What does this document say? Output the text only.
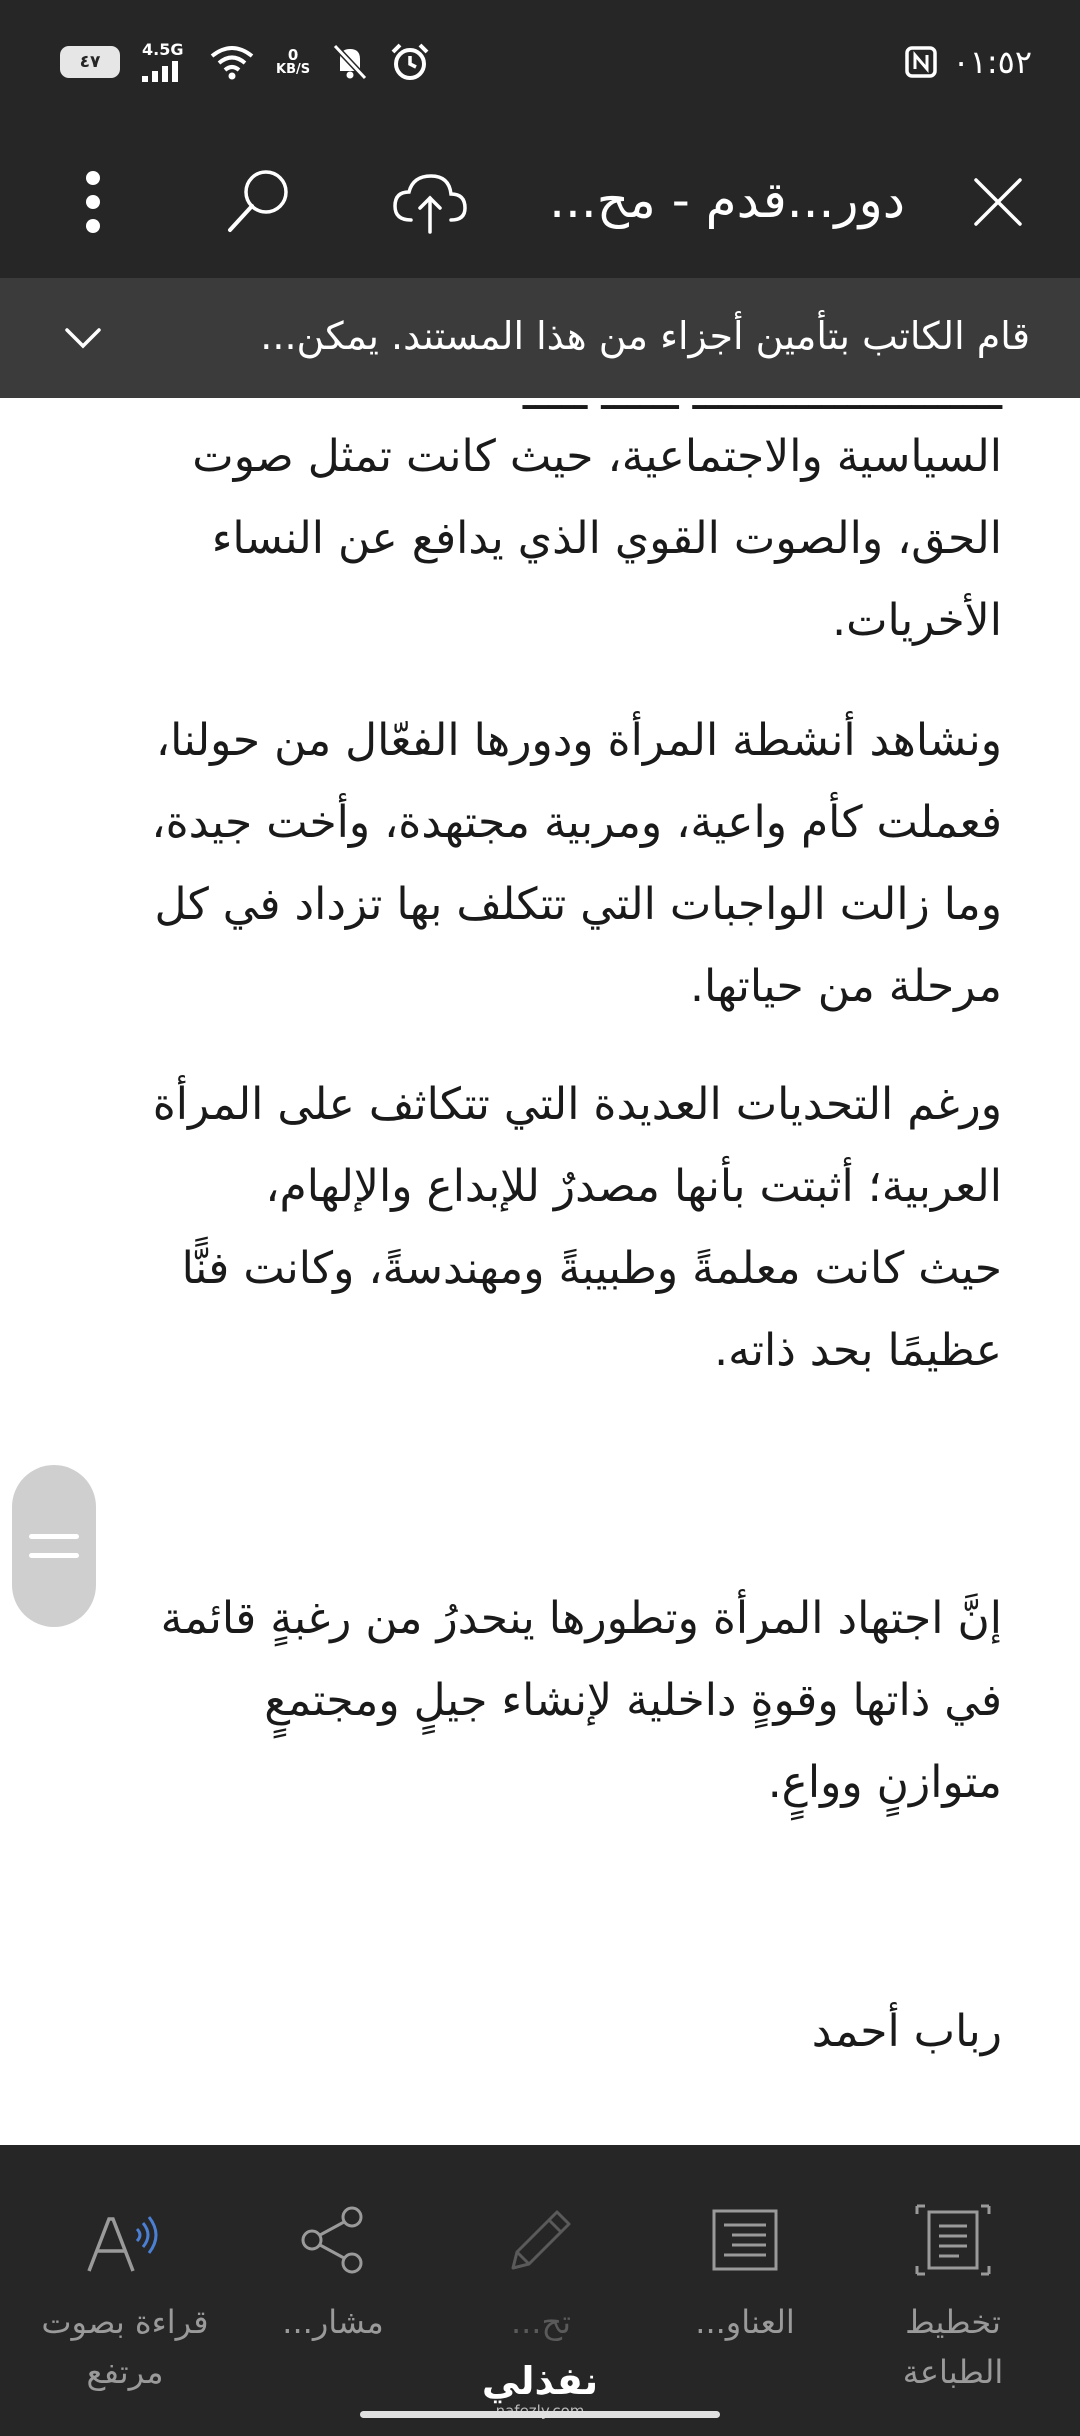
٤٧
4.5G	0
KB/S	٠١:٥٢
دور...قدم - مح...
قام الكاتب بتأمين أجزاء من هذا المستند. يمكن...
ــــــــــــــــــــــــ ــــــ ـــــ
السياسية والاجتماعية، حيث كانت تمثل صوت
الحق، والصوت القوي الذي يدافع عن النساء
الأخريات.
ونشاهد أنشطة المرأة ودورها الفعّال من حولنا،
فعملت كأم واعية، ومربية مجتهدة، وأخت جيدة،
وما زالت الواجبات التي تتكلف بها تزداد في كل
مرحلة من حياتها.
ورغم التحديات العديدة التي تتكاثف على المرأة
العربية؛ أثبتت بأنها مصدرٌ للإبداع والإلهام،
حيث كانت معلمةً وطبيبةً ومهندسةً، وكانت فنًّا
عظيمًا بحد ذاته.
إنَّ اجتهاد المرأة وتطورها ينحدرُ من رغبةٍ قائمة
في ذاتها وقوةٍ داخلية لإنشاء جيلٍ ومجتمعٍ
متوازنٍ وواعٍ.
رباب أحمد
تخطيط
الطباعة
العناو...
تح...
مشار...
قراءة بصوت
مرتفع	نفذلي
